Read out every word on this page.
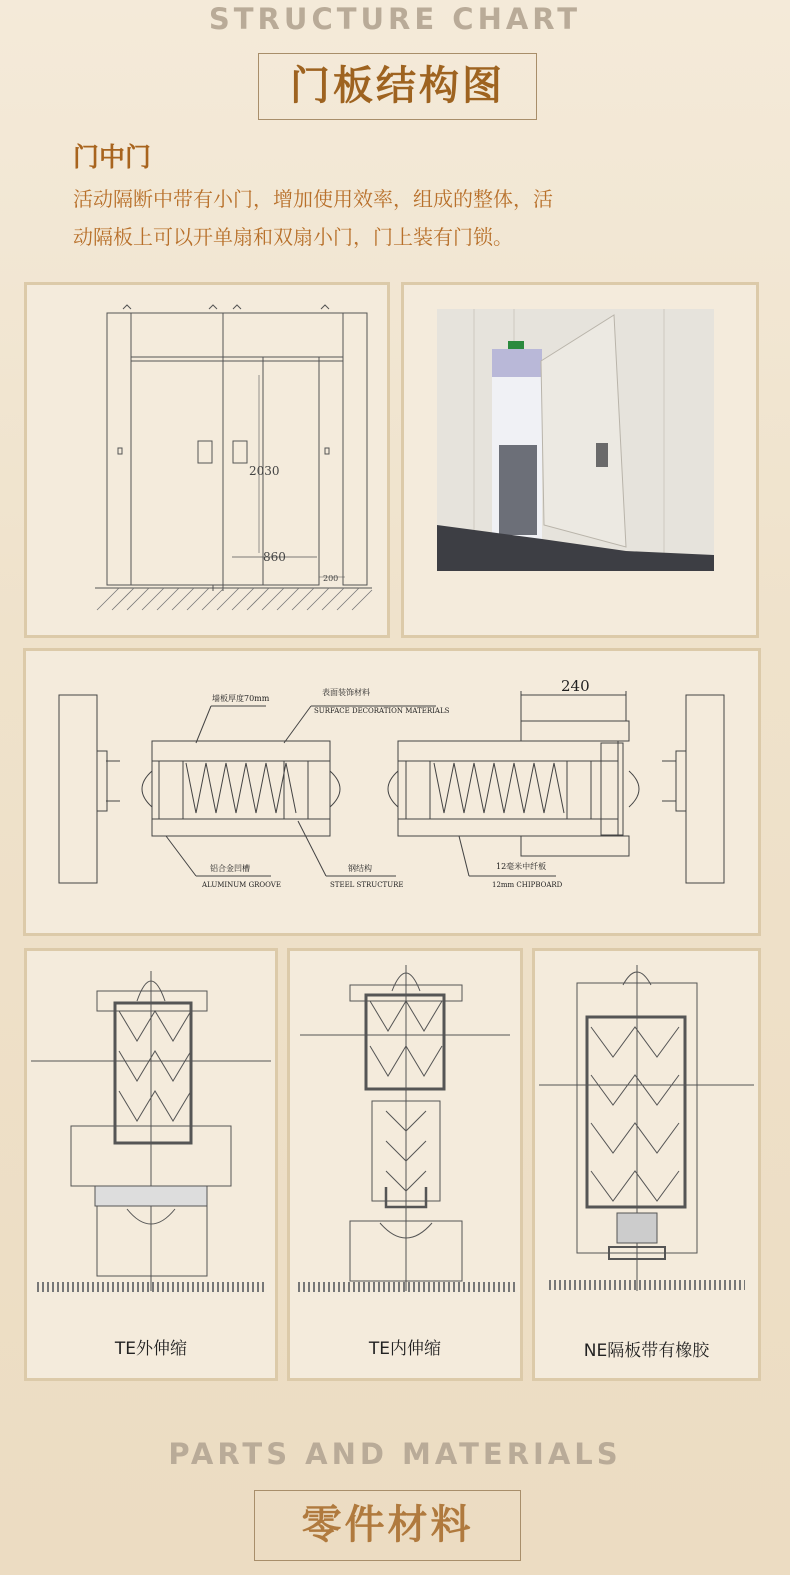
STRUCTURE CHART
门板结构图
门中门
活动隔断中带有小门，增加使用效率，组成的整体，活
动隔板上可以开单扇和双扇小门，门上装有门锁。
2030
860
200
240
墙板厚度70mm
表面装饰材料
SURFACE DECORATION MATERIALS
铝合金凹槽
ALUMINUM GROOVE
钢结构
STEEL STRUCTURE
12毫米中纤板
12mm CHIPBOARD
TE外伸缩	TE内伸缩	NE隔板带有橡胶
PARTS AND MATERIALS
零件材料
